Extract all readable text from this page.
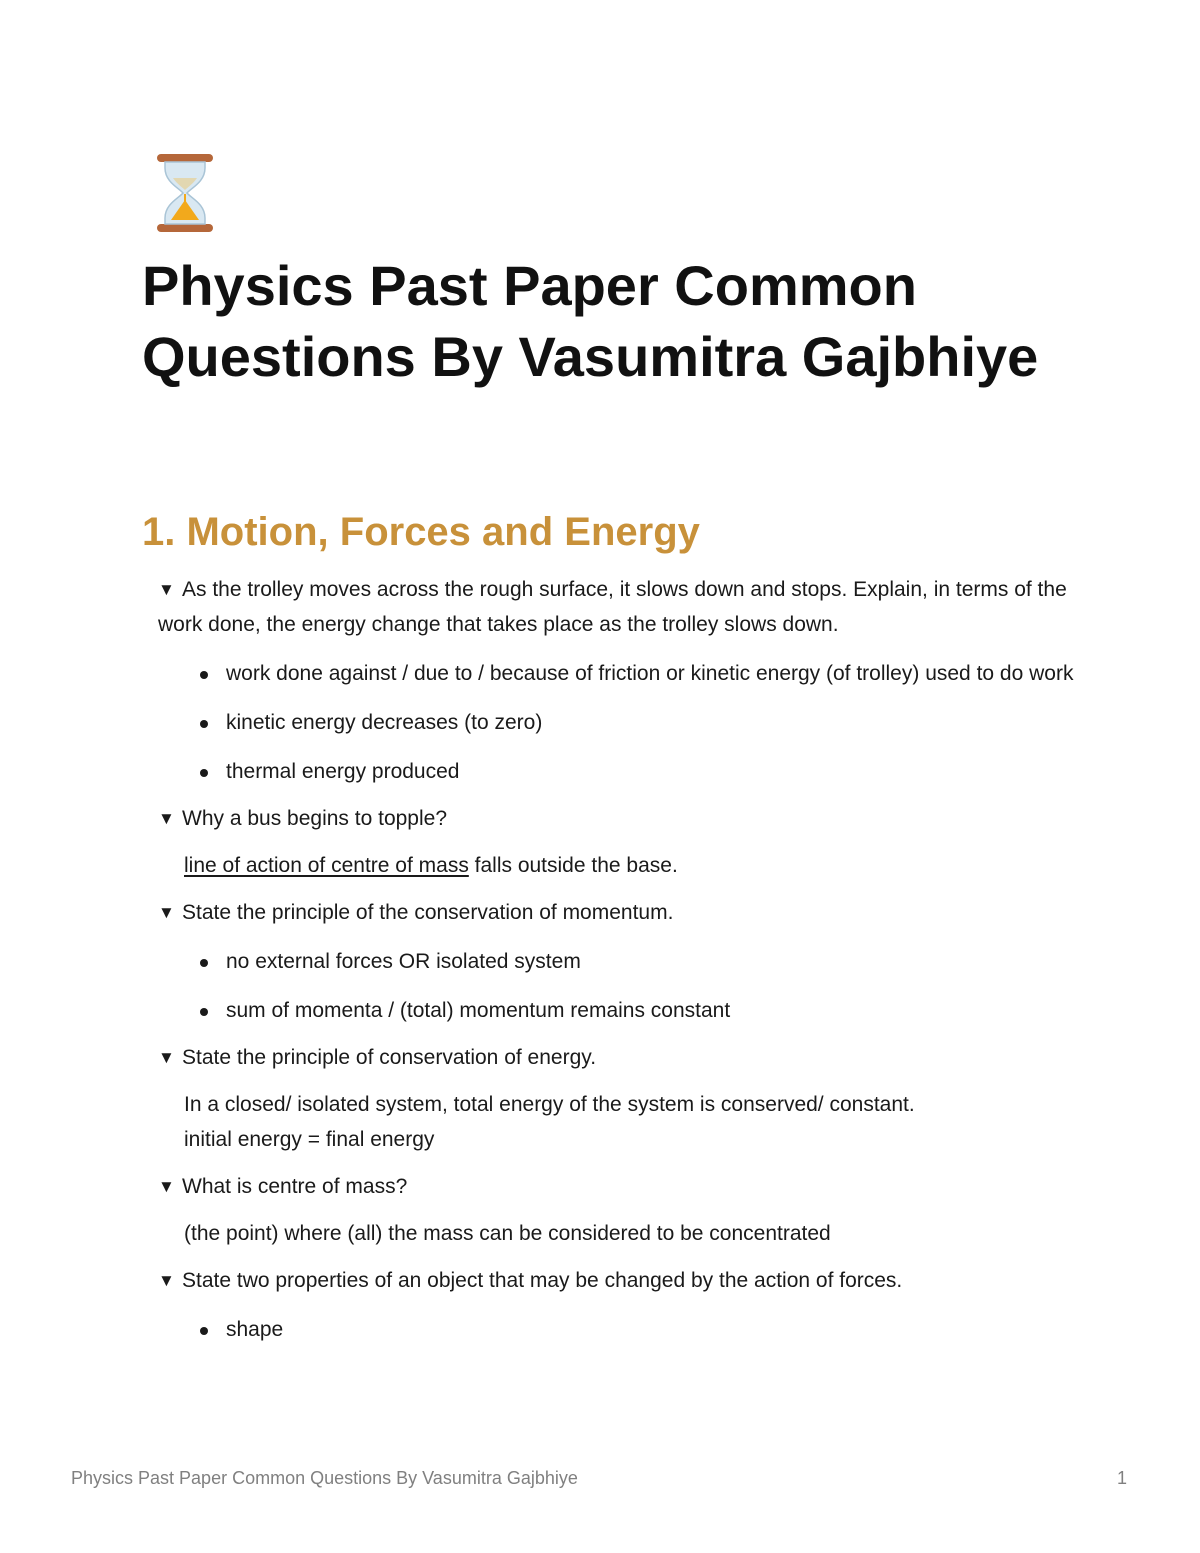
Physics Past Paper Common Questions By Vasumitra Gajbhiye
1. Motion, Forces and Energy
▼ As the trolley moves across the rough surface, it slows down and stops. Explain, in terms of the work done, the energy change that takes place as the trolley slows down.
work done against / due to / because of friction or kinetic energy (of trolley) used to do work
kinetic energy decreases (to zero)
thermal energy produced
▼ Why a bus begins to topple?

line of action of centre of mass falls outside the base.

▼ State the principle of the conservation of momentum.
no external forces OR isolated system
sum of momenta / (total) momentum remains constant
▼ State the principle of conservation of energy.

In a closed/ isolated system, total energy of the system is conserved/ constant.
initial energy = final energy

▼ What is centre of mass?

(the point) where (all) the mass can be considered to be concentrated

▼ State two properties of an object that may be changed by the action of forces.
shape
Physics Past Paper Common Questions By Vasumitra Gajbhiye	1
